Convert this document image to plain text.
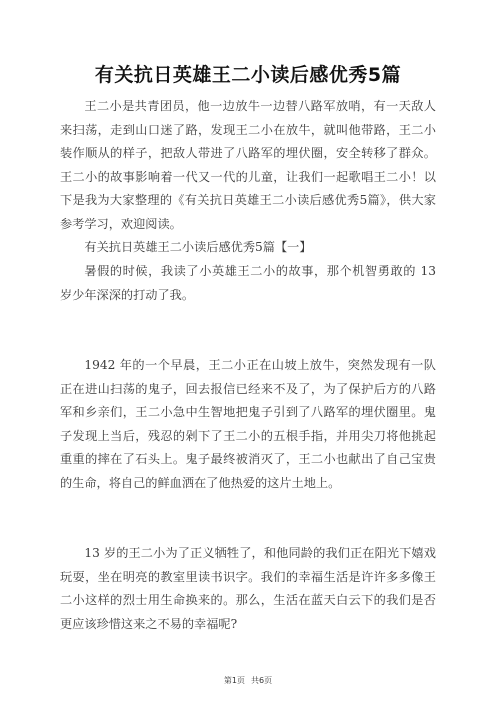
有关抗日英雄王二小读后感优秀5篇
王二小是共青团员，他一边放牛一边替八路军放哨，有一天敌人来扫荡，走到山口迷了路，发现王二小在放牛，就叫他带路，王二小装作顺从的样子，把敌人带进了八路军的埋伏圈，安全转移了群众。王二小的故事影响着一代又一代的儿童，让我们一起歌唱王二小！以下是我为大家整理的《有关抗日英雄王二小读后感优秀5篇》，供大家参考学习，欢迎阅读。
有关抗日英雄王二小读后感优秀5篇【一】
暑假的时候，我读了小英雄王二小的故事，那个机智勇敢的 13 岁少年深深的打动了我。
1942 年的一个早晨，王二小正在山坡上放牛，突然发现有一队正在进山扫荡的鬼子，回去报信已经来不及了，为了保护后方的八路军和乡亲们，王二小急中生智地把鬼子引到了八路军的埋伏圈里。鬼子发现上当后，残忍的剁下了王二小的五根手指，并用尖刀将他挑起重重的摔在了石头上。鬼子最终被消灭了，王二小也献出了自己宝贵的生命，将自己的鲜血洒在了他热爱的这片土地上。
13 岁的王二小为了正义牺牲了，和他同龄的我们正在阳光下嬉戏玩耍，坐在明亮的教室里读书识字。我们的幸福生活是许许多多像王二小这样的烈士用生命换来的。那么，生活在蓝天白云下的我们是否更应该珍惜这来之不易的幸福呢?
第1页 共6页
